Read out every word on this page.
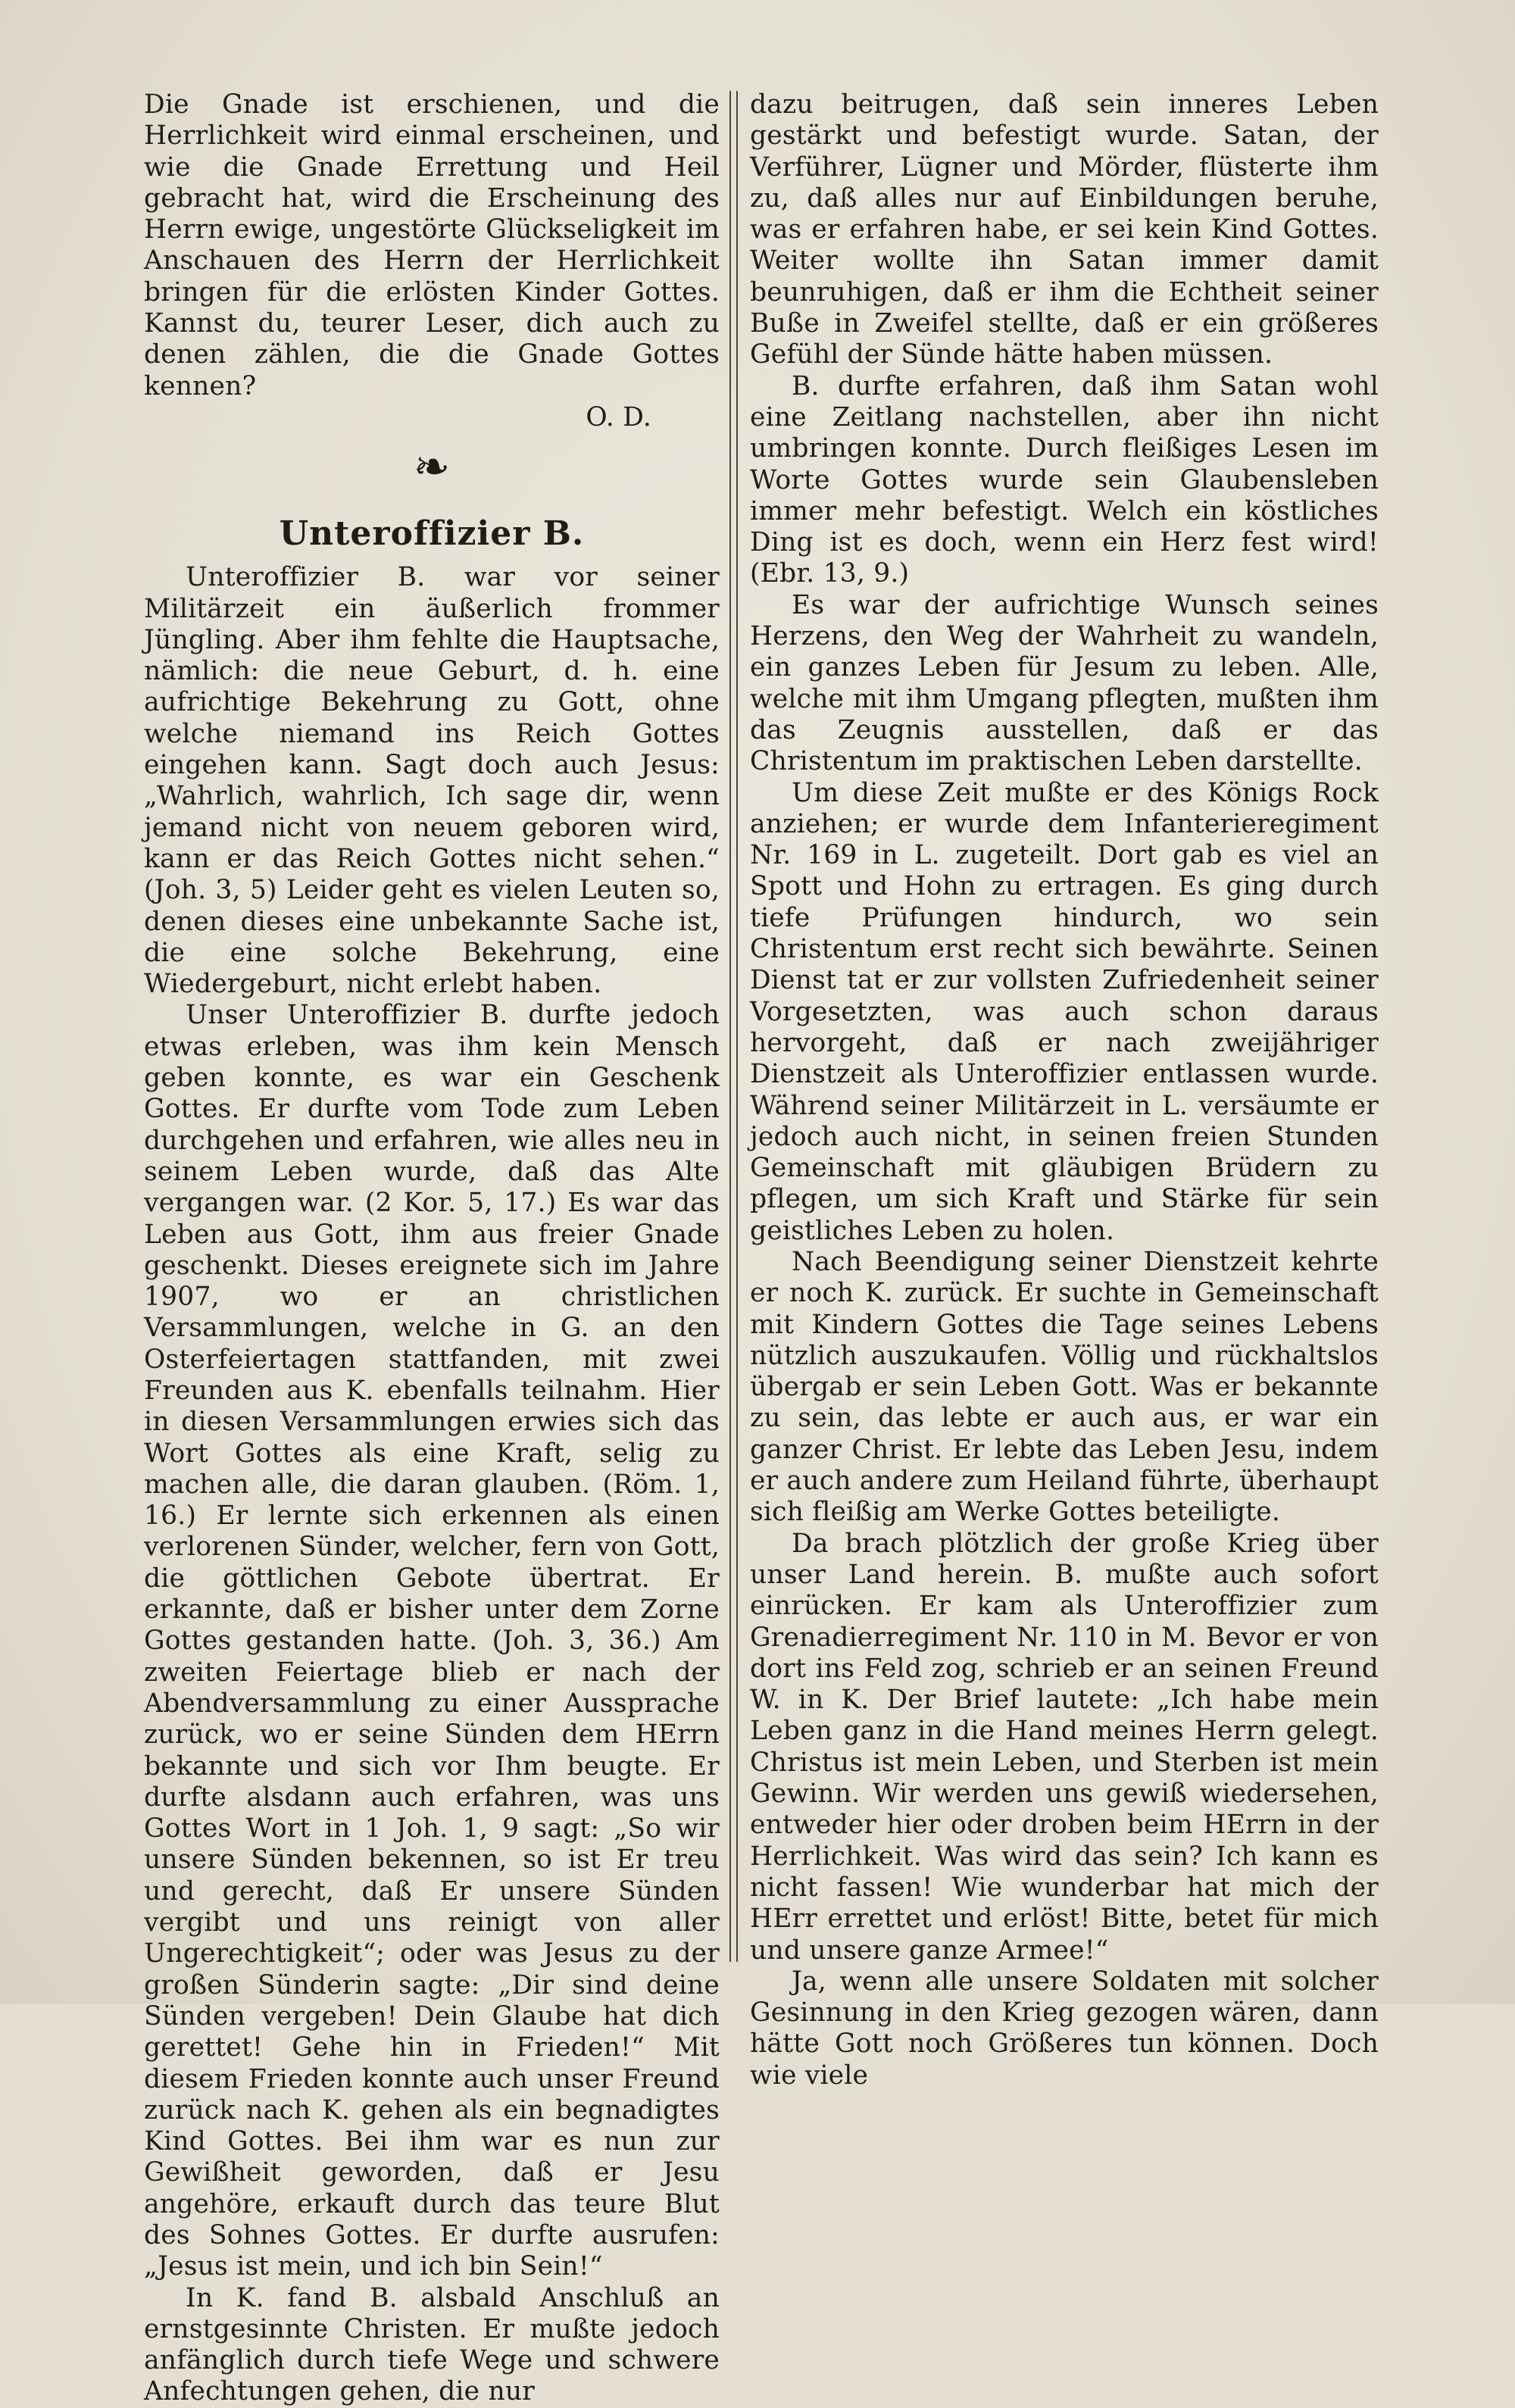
Die Gnade ist erschienen, und die Herrlichkeit wird einmal erscheinen, und wie die Gnade Errettung und Heil gebracht hat, wird die Erscheinung des Herrn ewige, ungestörte Glückseligkeit im Anschauen des Herrn der Herrlichkeit bringen für die erlösten Kinder Gottes. Kannst du, teurer Leser, dich auch zu denen zählen, die die Gnade Gottes kennen?

O. D.

❧
Unteroffizier B.

Unteroffizier B. war vor seiner Militärzeit ein äußerlich frommer Jüngling. Aber ihm fehlte die Hauptsache, nämlich: die neue Geburt, d. h. eine aufrichtige Bekehrung zu Gott, ohne welche niemand ins Reich Gottes eingehen kann. Sagt doch auch Jesus: „Wahrlich, wahrlich, Ich sage dir, wenn jemand nicht von neuem geboren wird, kann er das Reich Gottes nicht sehen.“ (Joh. 3, 5) Leider geht es vielen Leuten so, denen dieses eine unbekannte Sache ist, die eine solche Bekehrung, eine Wiedergeburt, nicht erlebt haben.

Unser Unteroffizier B. durfte jedoch etwas erleben, was ihm kein Mensch geben konnte, es war ein Geschenk Gottes. Er durfte vom Tode zum Leben durchgehen und erfahren, wie alles neu in seinem Leben wurde, daß das Alte vergangen war. (2 Kor. 5, 17.) Es war das Leben aus Gott, ihm aus freier Gnade geschenkt. Dieses ereignete sich im Jahre 1907, wo er an christlichen Versammlungen, welche in G. an den Osterfeiertagen stattfanden, mit zwei Freunden aus K. ebenfalls teilnahm. Hier in diesen Versammlungen erwies sich das Wort Gottes als eine Kraft, selig zu machen alle, die daran glauben. (Röm. 1, 16.) Er lernte sich erkennen als einen verlorenen Sünder, welcher, fern von Gott, die göttlichen Gebote übertrat. Er erkannte, daß er bisher unter dem Zorne Gottes gestanden hatte. (Joh. 3, 36.) Am zweiten Feiertage blieb er nach der Abendversammlung zu einer Aussprache zurück, wo er seine Sünden dem HErrn bekannte und sich vor Ihm beugte. Er durfte alsdann auch erfahren, was uns Gottes Wort in 1 Joh. 1, 9 sagt: „So wir unsere Sünden bekennen, so ist Er treu und gerecht, daß Er unsere Sünden vergibt und uns reinigt von aller Ungerechtigkeit“; oder was Jesus zu der großen Sünderin sagte: „Dir sind deine Sünden vergeben! Dein Glaube hat dich gerettet! Gehe hin in Frieden!“ Mit diesem Frieden konnte auch unser Freund zurück nach K. gehen als ein begnadigtes Kind Gottes. Bei ihm war es nun zur Gewißheit geworden, daß er Jesu angehöre, erkauft durch das teure Blut des Sohnes Gottes. Er durfte ausrufen: „Jesus ist mein, und ich bin Sein!“

In K. fand B. alsbald Anschluß an ernstgesinnte Christen. Er mußte jedoch anfänglich durch tiefe Wege und schwere Anfechtungen gehen, die nur

dazu beitrugen, daß sein inneres Leben gestärkt und befestigt wurde. Satan, der Verführer, Lügner und Mörder, flüsterte ihm zu, daß alles nur auf Einbildungen beruhe, was er erfahren habe, er sei kein Kind Gottes. Weiter wollte ihn Satan immer damit beunruhigen, daß er ihm die Echtheit seiner Buße in Zweifel stellte, daß er ein größeres Gefühl der Sünde hätte haben müssen.

B. durfte erfahren, daß ihm Satan wohl eine Zeitlang nachstellen, aber ihn nicht umbringen konnte. Durch fleißiges Lesen im Worte Gottes wurde sein Glaubensleben immer mehr befestigt. Welch ein köstliches Ding ist es doch, wenn ein Herz fest wird! (Ebr. 13, 9.)

Es war der aufrichtige Wunsch seines Herzens, den Weg der Wahrheit zu wandeln, ein ganzes Leben für Jesum zu leben. Alle, welche mit ihm Umgang pflegten, mußten ihm das Zeugnis ausstellen, daß er das Christentum im praktischen Leben darstellte.

Um diese Zeit mußte er des Königs Rock anziehen; er wurde dem Infanterieregiment Nr. 169 in L. zugeteilt. Dort gab es viel an Spott und Hohn zu ertragen. Es ging durch tiefe Prüfungen hindurch, wo sein Christentum erst recht sich bewährte. Seinen Dienst tat er zur vollsten Zufriedenheit seiner Vorgesetzten, was auch schon daraus hervorgeht, daß er nach zweijähriger Dienstzeit als Unteroffizier entlassen wurde. Während seiner Militärzeit in L. versäumte er jedoch auch nicht, in seinen freien Stunden Gemeinschaft mit gläubigen Brüdern zu pflegen, um sich Kraft und Stärke für sein geistliches Leben zu holen.

Nach Beendigung seiner Dienstzeit kehrte er noch K. zurück. Er suchte in Gemeinschaft mit Kindern Gottes die Tage seines Lebens nützlich auszukaufen. Völlig und rückhaltslos übergab er sein Leben Gott. Was er bekannte zu sein, das lebte er auch aus, er war ein ganzer Christ. Er lebte das Leben Jesu, indem er auch andere zum Heiland führte, überhaupt sich fleißig am Werke Gottes beteiligte.

Da brach plötzlich der große Krieg über unser Land herein. B. mußte auch sofort einrücken. Er kam als Unteroffizier zum Grenadierregiment Nr. 110 in M. Bevor er von dort ins Feld zog, schrieb er an seinen Freund W. in K. Der Brief lautete: „Ich habe mein Leben ganz in die Hand meines Herrn gelegt. Christus ist mein Leben, und Sterben ist mein Gewinn. Wir werden uns gewiß wiedersehen, entweder hier oder droben beim HErrn in der Herrlichkeit. Was wird das sein? Ich kann es nicht fassen! Wie wunderbar hat mich der HErr errettet und erlöst! Bitte, betet für mich und unsere ganze Armee!“

Ja, wenn alle unsere Soldaten mit solcher Gesinnung in den Krieg gezogen wären, dann hätte Gott noch Größeres tun können. Doch wie viele
